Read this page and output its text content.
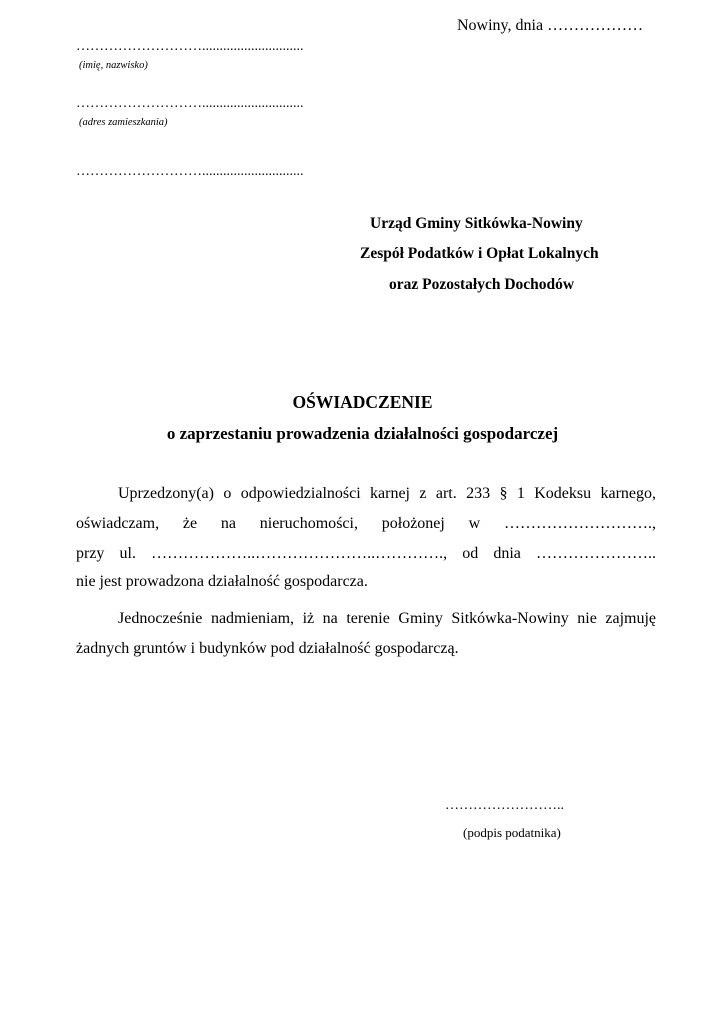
Nowiny, dnia ………………
……………………….............................
(imię, nazwisko)
……………………….............................
(adres zamieszkania)
……………………….............................
Urząd Gminy Sitkówka-Nowiny
Zespół Podatków i Opłat Lokalnych
oraz Pozostałych Dochodów
OŚWIADCZENIE
o zaprzestaniu prowadzenia działalności gospodarczej
Uprzedzony(a) o odpowiedzialności karnej z art. 233 § 1 Kodeksu karnego,
oświadczam, że na nieruchomości, położonej w ……………………….,
przy ul. ………………..…………………..…………., od dnia …………………..
nie jest prowadzona działalność gospodarcza.
Jednocześnie nadmieniam, iż na terenie Gminy Sitkówka-Nowiny nie zajmuję
żadnych gruntów i budynków pod działalność gospodarczą.
……………………..
(podpis podatnika)
